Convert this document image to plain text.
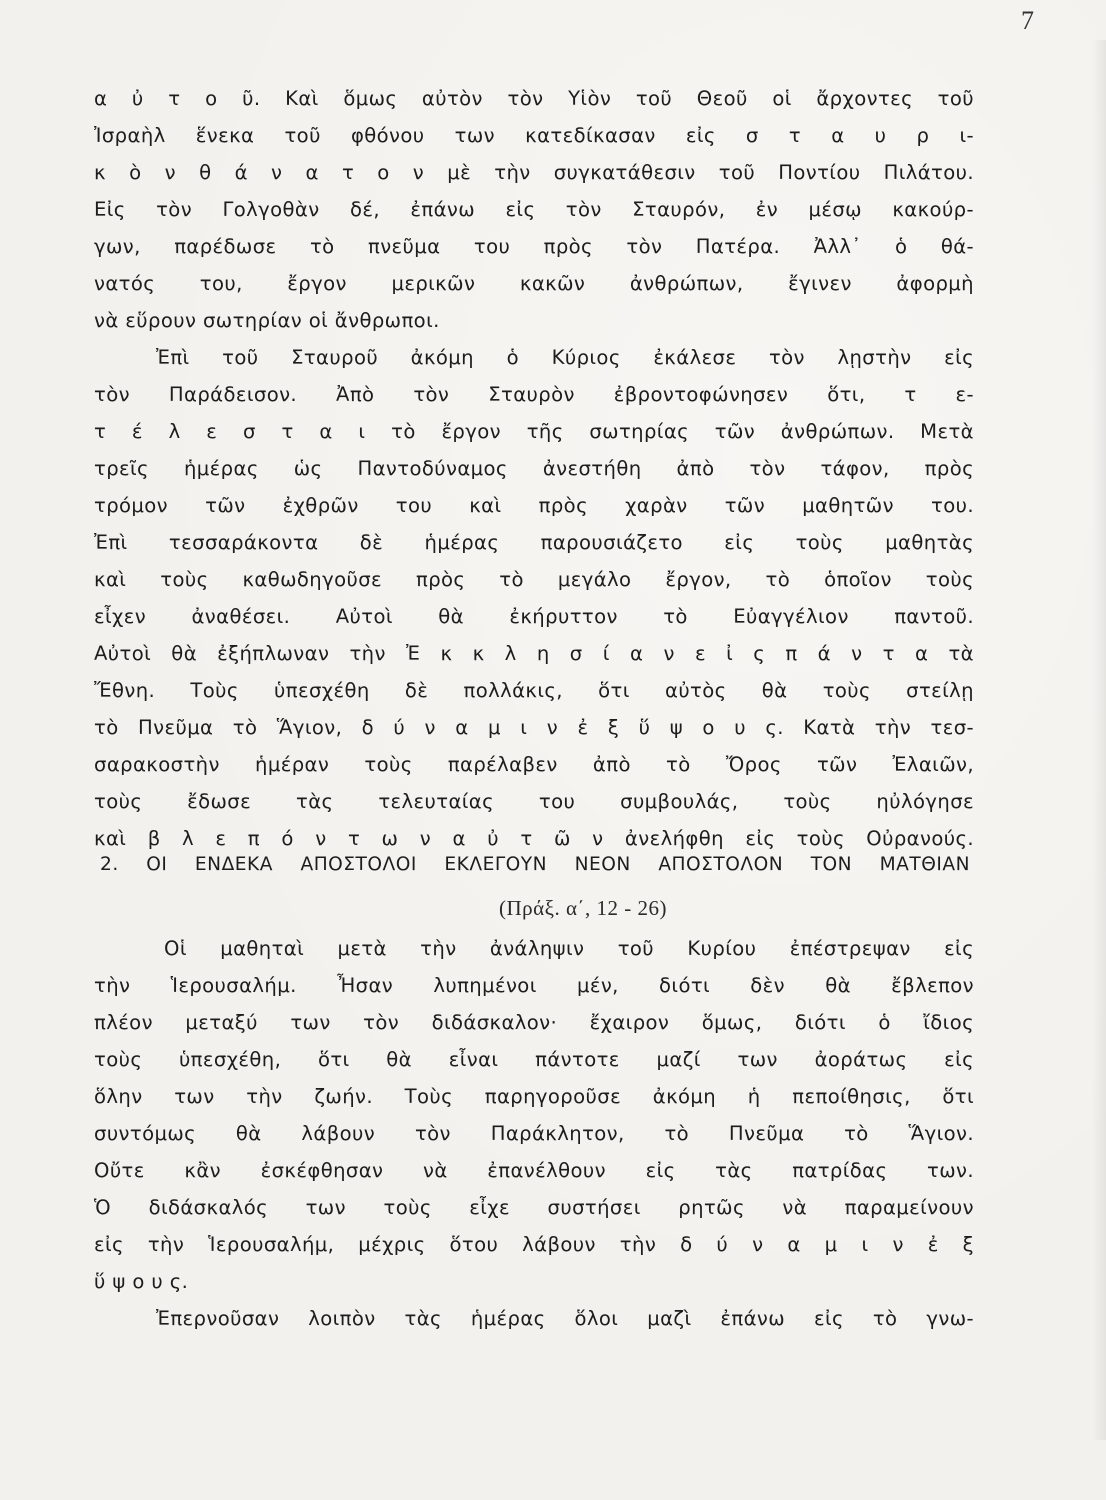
7
α ὐ τ ο ῦ. Καὶ ὅμως αὐτὸν τὸν Υἱὸν τοῦ Θεοῦ οἱ ἄρχοντες τοῦ
Ἰσραὴλ ἕνεκα τοῦ φθόνου των κατεδίκασαν εἰς σ τ α υ ρ ι-
κ ὸ ν θ ά ν α τ ο ν μὲ τὴν συγκατάθεσιν τοῦ Ποντίου Πιλάτου.
Εἰς τὸν Γολγοθὰν δέ, ἐπάνω εἰς τὸν Σταυρόν, ἐν μέσῳ κακούρ-
γων, παρέδωσε τὸ πνεῦμα του πρὸς τὸν Πατέρα. Ἀλλ᾿ ὁ θά-
νατός του, ἔργον μερικῶν κακῶν ἀνθρώπων, ἔγινεν ἀφορμὴ
νὰ εὕρουν σωτηρίαν οἱ ἄνθρωποι.
Ἐπὶ τοῦ Σταυροῦ ἀκόμη ὁ Κύριος ἐκάλεσε τὸν λῃστὴν εἰς
τὸν Παράδεισον. Ἀπὸ τὸν Σταυρὸν ἐβροντοφώνησεν ὅτι, τ ε-
τ έ λ ε σ τ α ι τὸ ἔργον τῆς σωτηρίας τῶν ἀνθρώπων. Μετὰ
τρεῖς ἡμέρας ὡς Παντοδύναμος ἀνεστήθη ἀπὸ τὸν τάφον, πρὸς
τρόμον τῶν ἐχθρῶν του καὶ πρὸς χαρὰν τῶν μαθητῶν του.
Ἐπὶ τεσσαράκοντα δὲ ἡμέρας παρουσιάζετο εἰς τοὺς μαθητὰς
καὶ τοὺς καθωδηγοῦσε πρὸς τὸ μεγάλο ἔργον, τὸ ὁποῖον τοὺς
εἶχεν ἀναθέσει. Αὐτοὶ θὰ ἐκήρυττον τὸ Εὐαγγέλιον παντοῦ.
Αὐτοὶ θὰ ἐξήπλωναν τὴν Ἐ κ κ λ η σ ί α ν ε ἰ ς π ά ν τ α τὰ
Ἔθνη. Τοὺς ὑπεσχέθη δὲ πολλάκις, ὅτι αὐτὸς θὰ τοὺς στείλῃ
τὸ Πνεῦμα τὸ Ἅγιον, δ ύ ν α μ ι ν ἐ ξ ὕ ψ ο υ ς. Κατὰ τὴν τεσ-
σαρακοστὴν ἡμέραν τοὺς παρέλαβεν ἀπὸ τὸ Ὄρος τῶν Ἐλαιῶν,
τοὺς ἔδωσε τὰς τελευταίας του συμβουλάς, τοὺς ηὐλόγησε
καὶ β λ ε π ό ν τ ω ν α ὐ τ ῶ ν ἀνελήφθη εἰς τοὺς Οὐρανούς.
2. ΟΙ ΕΝΔΕΚΑ ΑΠΟΣΤΟΛΟΙ ΕΚΛΕΓΟΥΝ ΝΕΟΝ ΑΠΟΣΤΟΛΟΝ ΤΟΝ ΜΑΤΘΙΑΝ
(Πράξ. α΄, 12 - 26)
Οἱ μαθηταὶ μετὰ τὴν ἀνάληψιν τοῦ Κυρίου ἐπέστρεψαν εἰς
τὴν Ἱερουσαλήμ. Ἦσαν λυπημένοι μέν, διότι δὲν θὰ ἔβλεπον
πλέον μεταξύ των τὸν διδάσκαλον· ἔχαιρον ὅμως, διότι ὁ ἴδιος
τοὺς ὑπεσχέθη, ὅτι θὰ εἶναι πάντοτε μαζί των ἀοράτως εἰς
ὅλην των τὴν ζωήν. Τοὺς παρηγοροῦσε ἀκόμη ἡ πεποίθησις, ὅτι
συντόμως θὰ λάβουν τὸν Παράκλητον, τὸ Πνεῦμα τὸ Ἅγιον.
Οὔτε κἂν ἐσκέφθησαν νὰ ἐπανέλθουν εἰς τὰς πατρίδας των.
Ὁ διδάσκαλός των τοὺς εἶχε συστήσει ρητῶς νὰ παραμείνουν
εἰς τὴν Ἱερουσαλήμ, μέχρις ὅτου λάβουν τὴν δ ύ ν α μ ι ν ἐ ξ
ὕ ψ ο υ ς.
Ἐπερνοῦσαν λοιπὸν τὰς ἡμέρας ὅλοι μαζὶ ἐπάνω εἰς τὸ γνω-
